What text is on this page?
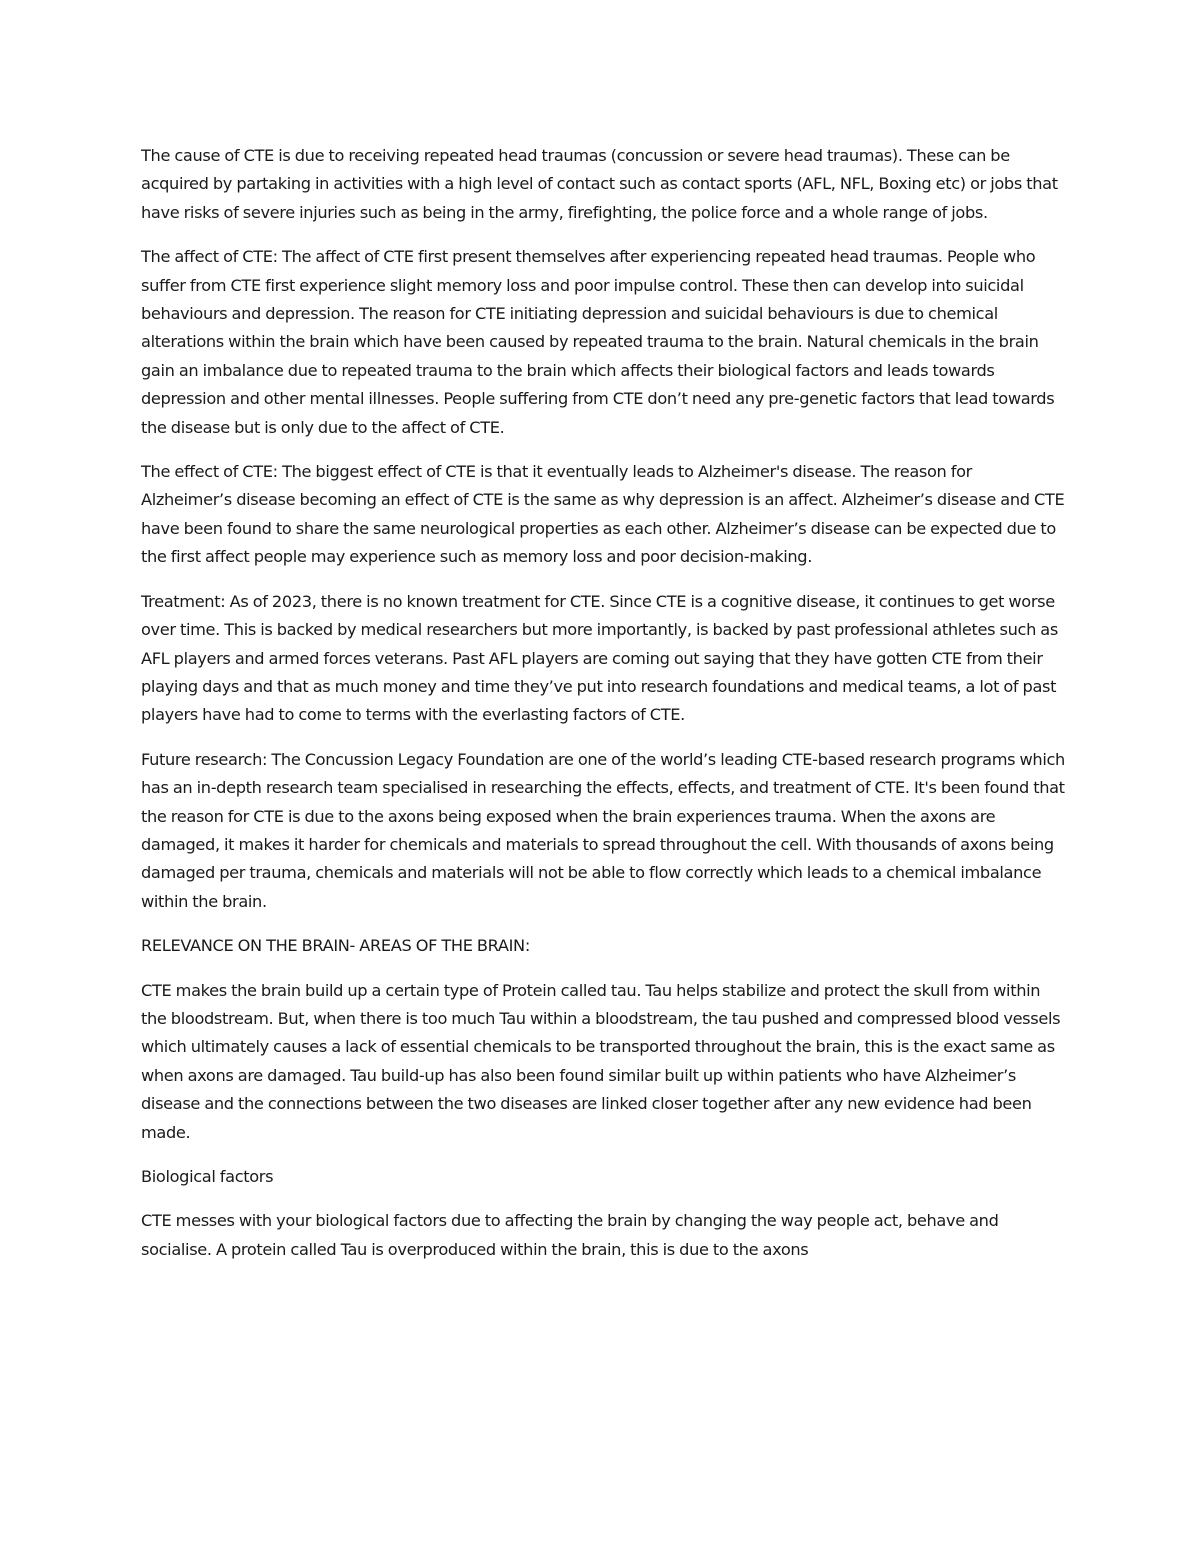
The cause of CTE is due to receiving repeated head traumas (concussion or severe head traumas). These can be acquired by partaking in activities with a high level of contact such as contact sports (AFL, NFL, Boxing etc) or jobs that have risks of severe injuries such as being in the army, firefighting, the police force and a whole range of jobs.

The affect of CTE: The affect of CTE first present themselves after experiencing repeated head traumas. People who suffer from CTE first experience slight memory loss and poor impulse control. These then can develop into suicidal behaviours and depression. The reason for CTE initiating depression and suicidal behaviours is due to chemical alterations within the brain which have been caused by repeated trauma to the brain. Natural chemicals in the brain gain an imbalance due to repeated trauma to the brain which affects their biological factors and leads towards depression and other mental illnesses. People suffering from CTE don’t need any pre-genetic factors that lead towards the disease but is only due to the affect of CTE.

The effect of CTE: The biggest effect of CTE is that it eventually leads to Alzheimer's disease. The reason for Alzheimer’s disease becoming an effect of CTE is the same as why depression is an affect. Alzheimer’s disease and CTE have been found to share the same neurological properties as each other. Alzheimer’s disease can be expected due to the first affect people may experience such as memory loss and poor decision-making.

Treatment: As of 2023, there is no known treatment for CTE. Since CTE is a cognitive disease, it continues to get worse over time. This is backed by medical researchers but more importantly, is backed by past professional athletes such as AFL players and armed forces veterans. Past AFL players are coming out saying that they have gotten CTE from their playing days and that as much money and time they’ve put into research foundations and medical teams, a lot of past players have had to come to terms with the everlasting factors of CTE.

Future research: The Concussion Legacy Foundation are one of the world’s leading CTE-based research programs which has an in-depth research team specialised in researching the effects, effects, and treatment of CTE. It's been found that the reason for CTE is due to the axons being exposed when the brain experiences trauma. When the axons are damaged, it makes it harder for chemicals and materials to spread throughout the cell. With thousands of axons being damaged per trauma, chemicals and materials will not be able to flow correctly which leads to a chemical imbalance within the brain.

RELEVANCE ON THE BRAIN- AREAS OF THE BRAIN:

CTE makes the brain build up a certain type of Protein called tau. Tau helps stabilize and protect the skull from within the bloodstream. But, when there is too much Tau within a bloodstream, the tau pushed and compressed blood vessels which ultimately causes a lack of essential chemicals to be transported throughout the brain, this is the exact same as when axons are damaged. Tau build-up has also been found similar built up within patients who have Alzheimer’s disease and the connections between the two diseases are linked closer together after any new evidence had been made.

Biological factors

CTE messes with your biological factors due to affecting the brain by changing the way people act, behave and socialise. A protein called Tau is overproduced within the brain, this is due to the axons
